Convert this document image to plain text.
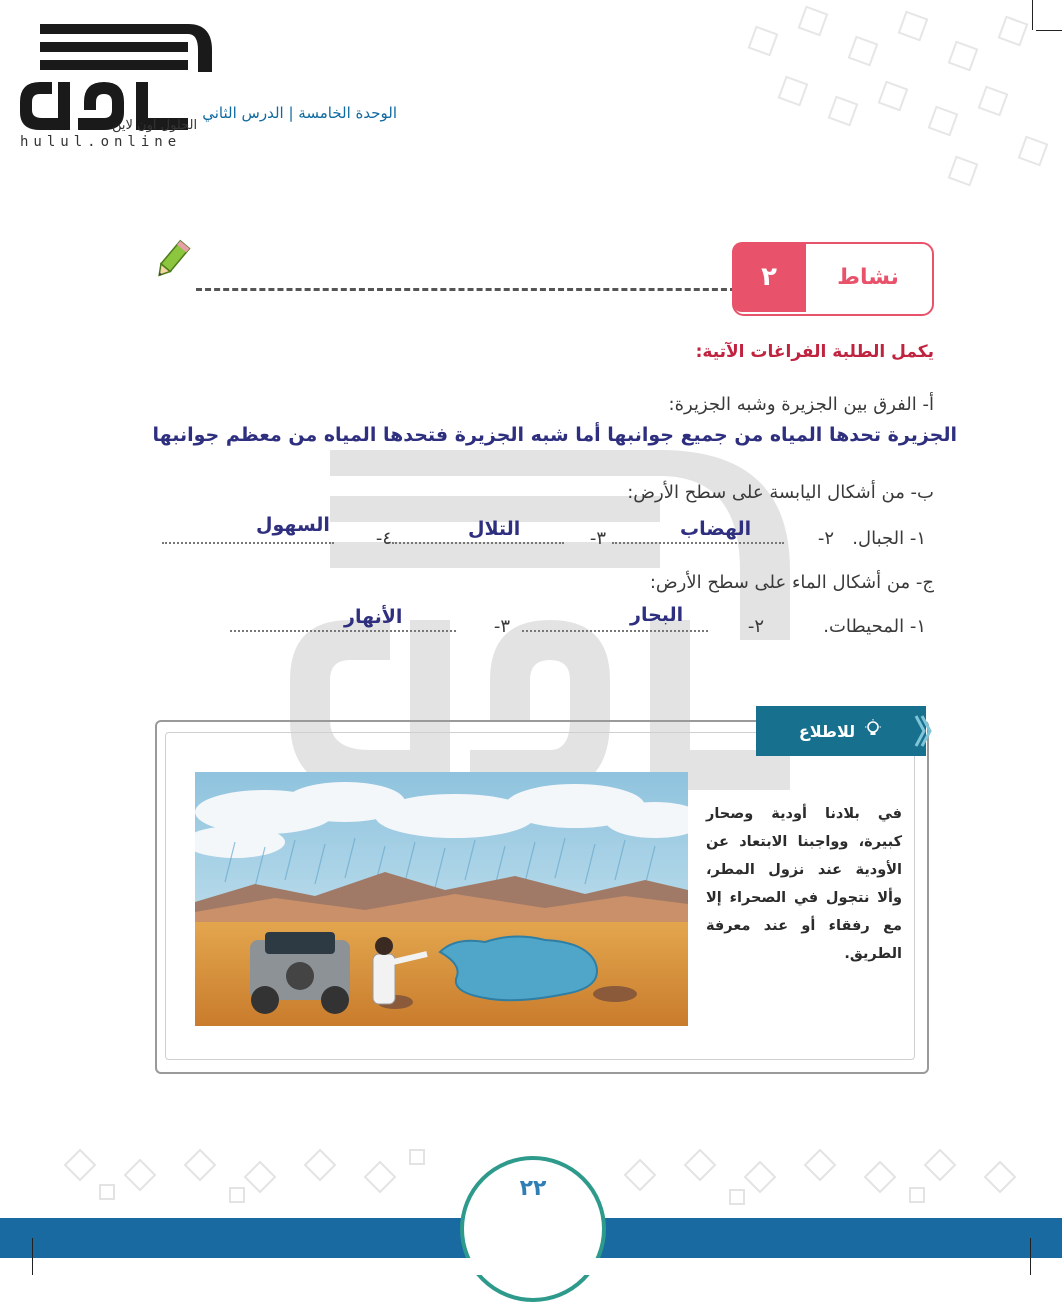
الحلول اون لاين
hulul.online
الوحدة الخامسة | الدرس الثاني
٢	نشاط
يكمل الطلبة الفراغات الآتية:
أ- الفرق بين الجزيرة وشبه الجزيرة:
الجزيرة تحدها المياه من جميع جوانبها أما شبه الجزيرة فتحدها المياه من معظم جوانبها
ب- من أشكال اليابسة على سطح الأرض:
١- الجبال.
٢-
الهضاب
٣-
التلال
٤-
السهول
ج- من أشكال الماء على سطح الأرض:
١- المحيطات.
٢-
البحار
٣-
الأنهار
للاطلاع
في بلادنا أودية وصحار كبيرة، وواجبنا الابتعاد عن الأودية عند نزول المطر، وألا نتجول في الصحراء إلا مع رفقاء أو عند معرفة الطريق.
٢٢
